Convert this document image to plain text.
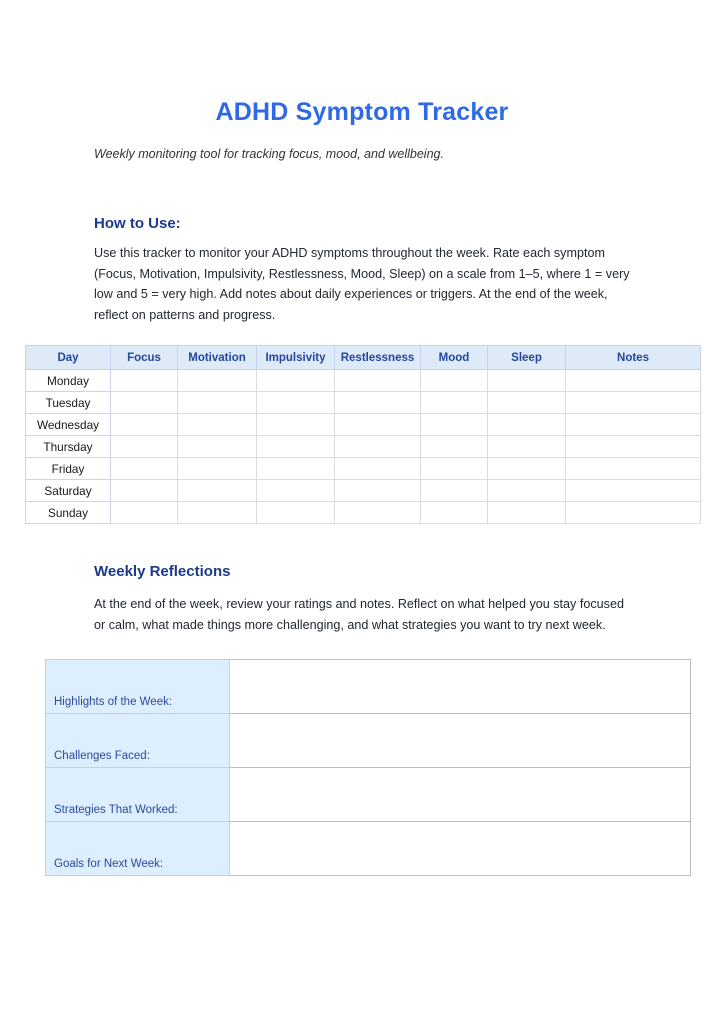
ADHD Symptom Tracker
Weekly monitoring tool for tracking focus, mood, and wellbeing.
How to Use:
Use this tracker to monitor your ADHD symptoms throughout the week. Rate each symptom (Focus, Motivation, Impulsivity, Restlessness, Mood, Sleep) on a scale from 1–5, where 1 = very low and 5 = very high. Add notes about daily experiences or triggers. At the end of the week, reflect on patterns and progress.
Day	Focus	Motivation	Impulsivity	Restlessness	Mood	Sleep	Notes
Monday							
Tuesday							
Wednesday							
Thursday							
Friday							
Saturday							
Sunday							
Weekly Reflections
At the end of the week, review your ratings and notes. Reflect on what helped you stay focused or calm, what made things more challenging, and what strategies you want to try next week.
Highlights of the Week:	
Challenges Faced:	
Strategies That Worked:	
Goals for Next Week:	
